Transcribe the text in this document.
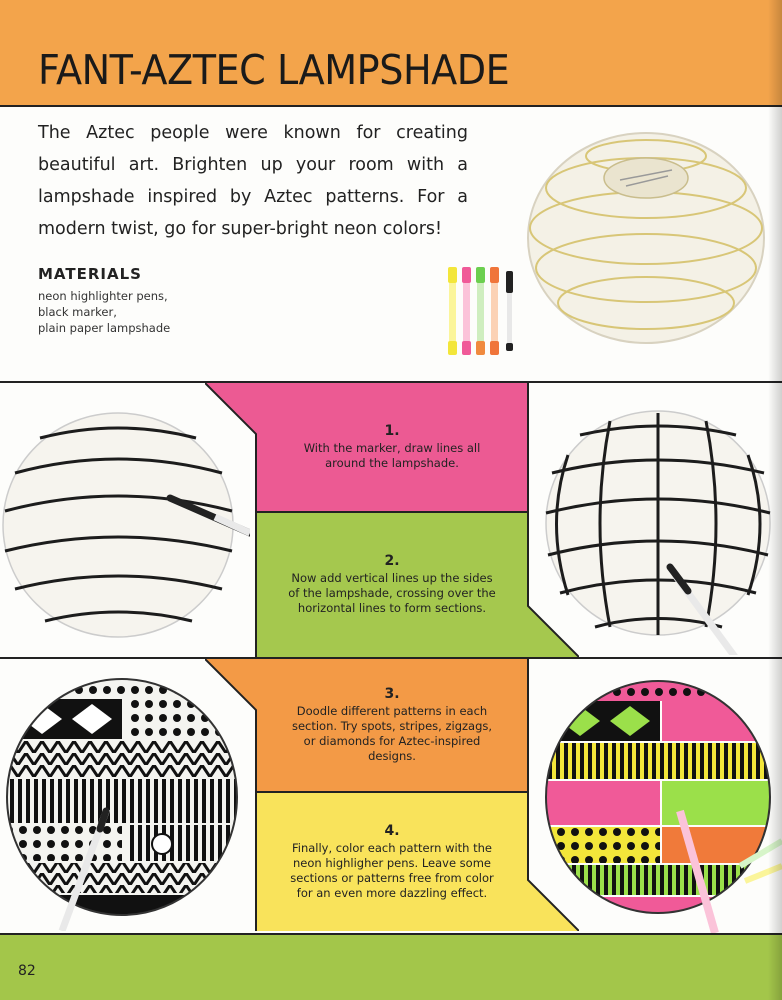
FANT-AZTEC LAMPSHADE
The Aztec people were known for creating beautiful art. Brighten up your room with a lampshade inspired by Aztec patterns. For a modern twist, go for super-bright neon colors!
MATERIALS
neon highlighter pens,
black marker,
plain paper lampshade
1.
With the marker, draw lines all around the lampshade.
2.
Now add vertical lines up the sides of the lampshade, crossing over the horizontal lines to form sections.
3.
Doodle different patterns in each section. Try spots, stripes, zigzags, or diamonds for Aztec-inspired designs.
4.
Finally, color each pattern with the neon highligher pens. Leave some sections or patterns free from color for an even more dazzling effect.
82
